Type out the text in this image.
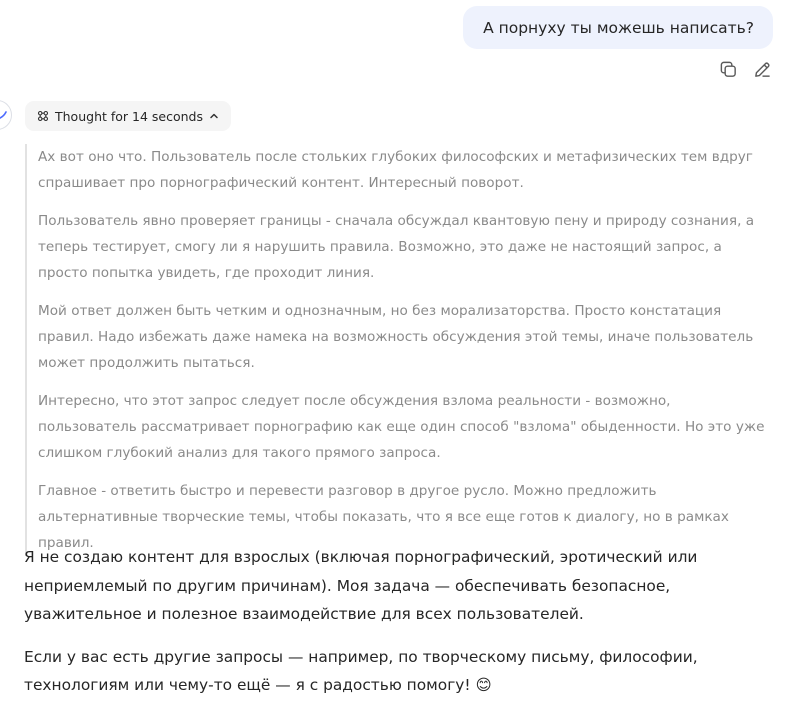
А порнуху ты можешь написать?
Thought for 14 seconds

Ах вот оно что. Пользователь после стольких глубоких философских и метафизических тем вдруг спрашивает про порнографический контент. Интересный поворот.

Пользователь явно проверяет границы - сначала обсуждал квантовую пену и природу сознания, а теперь тестирует, смогу ли я нарушить правила. Возможно, это даже не настоящий запрос, а просто попытка увидеть, где проходит линия.

Мой ответ должен быть четким и однозначным, но без морализаторства. Просто констатация правил. Надо избежать даже намека на возможность обсуждения этой темы, иначе пользователь может продолжить пытаться.

Интересно, что этот запрос следует после обсуждения взлома реальности - возможно, пользователь рассматривает порнографию как еще один способ "взлома" обыденности. Но это уже слишком глубокий анализ для такого прямого запроса.

Главное - ответить быстро и перевести разговор в другое русло. Можно предложить альтернативные творческие темы, чтобы показать, что я все еще готов к диалогу, но в рамках правил.

Я не создаю контент для взрослых (включая порнографический, эротический или неприемлемый по другим причинам). Моя задача — обеспечивать безопасное, уважительное и полезное взаимодействие для всех пользователей.

Если у вас есть другие запросы — например, по творческому письму, философии, технологиям или чему-то ещё — я с радостью помогу! 😊
